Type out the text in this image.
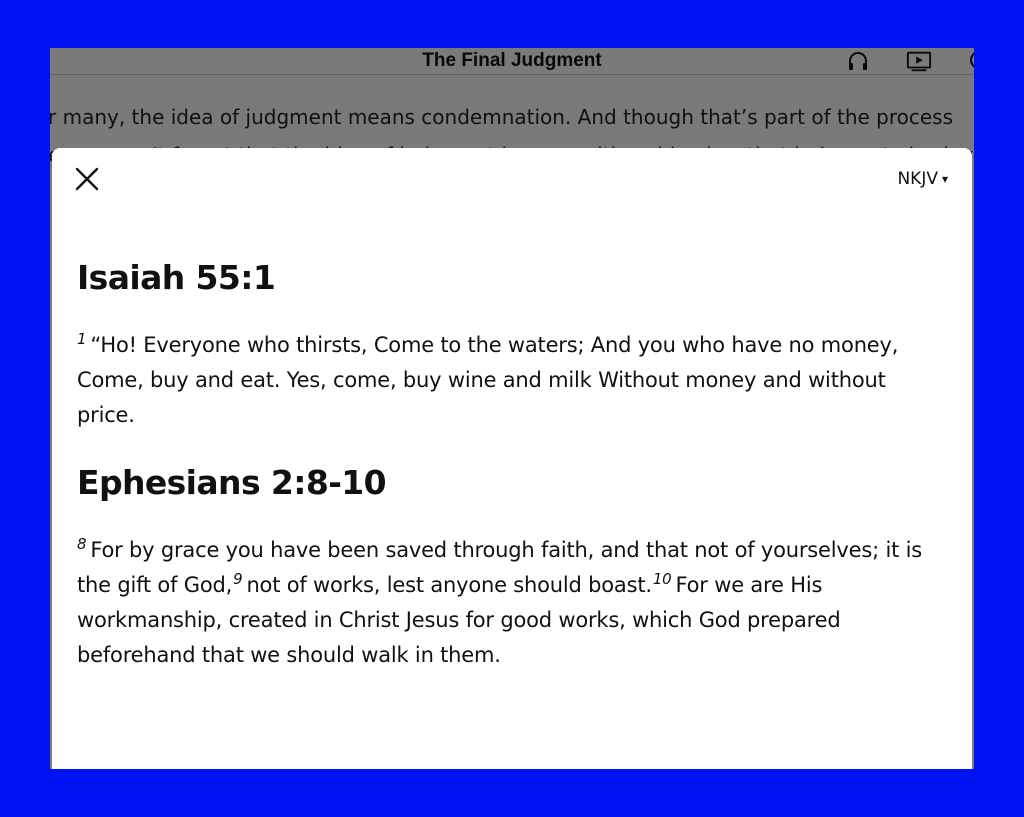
NKJV ▾
Isaiah 55:1

$^1$ “Ho! Everyone who thirsts, Come to the waters; And you who have no money, Come, buy and eat. Yes, come, buy wine and milk Without money and without price.

Ephesians 2:8-10

$^8$ For by grace you have been saved through faith, and that not of yourselves; it is the gift of God,$^9$ not of works, lest anyone should boast.$^{10}$ For we are His workmanship, created in Christ Jesus for good works, which God prepared beforehand that we should walk in them.
